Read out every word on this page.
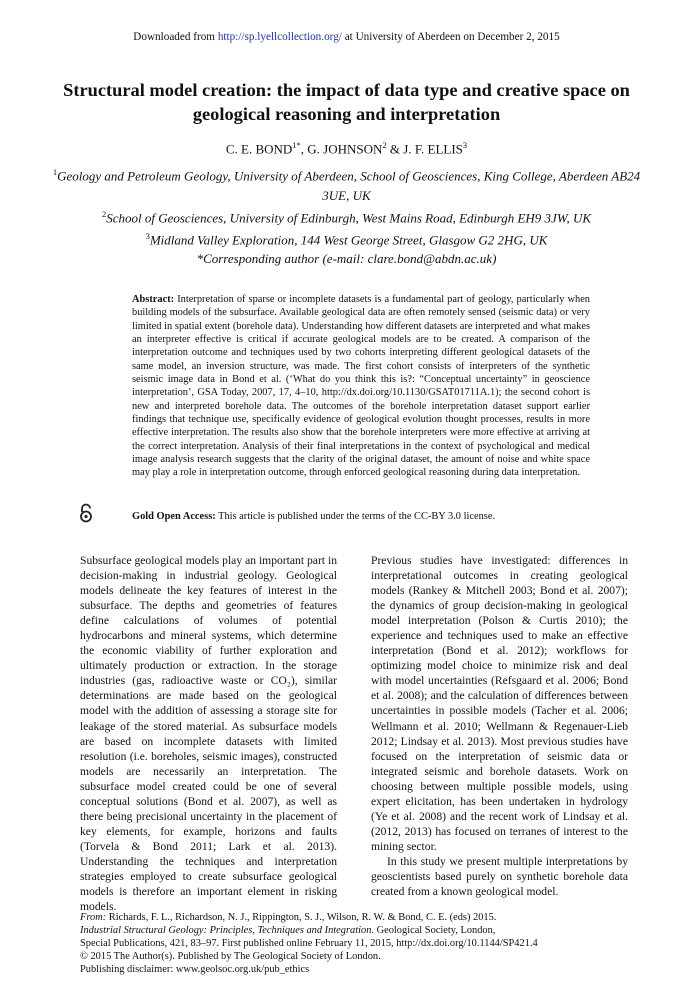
Downloaded from http://sp.lyellcollection.org/ at University of Aberdeen on December 2, 2015
Structural model creation: the impact of data type and creative space on geological reasoning and interpretation
C. E. $BOND^{1*}$, G. JOHNSON$^2$ & J. F. ELLIS$^3$
$^1$Geology and Petroleum Geology, University of Aberdeen, School of Geosciences, King College, Aberdeen AB24 3UE, UK
$^2$School of Geosciences, University of Edinburgh, West Mains Road, Edinburgh EH9 3JW, UK
$^3$Midland Valley Exploration, 144 West George Street, Glasgow G2 2HG, UK
*Corresponding author (e-mail: clare.bond@abdn.ac.uk)
Abstract: Interpretation of sparse or incomplete datasets is a fundamental part of geology, particularly when building models of the subsurface. Available geological data are often remotely sensed (seismic data) or very limited in spatial extent (borehole data). Understanding how different datasets are interpreted and what makes an interpreter effective is critical if accurate geological models are to be created. A comparison of the interpretation outcome and techniques used by two cohorts interpreting different geological datasets of the same model, an inversion structure, was made. The first cohort consists of interpreters of the synthetic seismic image data in Bond et al. (‘What do you think this is?: “Conceptual uncertainty” in geoscience interpretation’, GSA Today, 2007, 17, 4–10, http://dx.doi.org/10.1130/GSAT01711A.1); the second cohort is new and interpreted borehole data. The outcomes of the borehole interpretation dataset support earlier findings that technique use, specifically evidence of geological evolution thought processes, results in more effective interpretation. The results also show that the borehole interpreters were more effective at arriving at the correct interpretation. Analysis of their final interpretations in the context of psychological and medical image analysis research suggests that the clarity of the original dataset, the amount of noise and white space may play a role in interpretation outcome, through enforced geological reasoning during data interpretation.
Gold Open Access: This article is published under the terms of the CC-BY 3.0 license.

Subsurface geological models play an important part in decision-making in industrial geology. Geological models delineate the key features of interest in the subsurface. The depths and geometries of features define calculations of volumes of potential hydrocarbons and mineral systems, which determine the economic viability of further exploration and ultimately production or extraction. In the storage industries (gas, radioactive waste or CO₂), similar determinations are made based on the geological model with the addition of assessing a storage site for leakage of the stored material. As subsurface models are based on incomplete datasets with limited resolution (i.e. boreholes, seismic images), constructed models are necessarily an interpretation. The subsurface model created could be one of several conceptual solutions (Bond et al. 2007), as well as there being precisional uncertainty in the placement of key elements, for example, horizons and faults (Torvela & Bond 2011; Lark et al. 2013). Understanding the techniques and interpretation strategies employed to create subsurface geological models is therefore an important element in risking models.

Previous studies have investigated: differences in interpretational outcomes in creating geological models (Rankey & Mitchell 2003; Bond et al. 2007); the dynamics of group decision-making in geological model interpretation (Polson & Curtis 2010); the experience and techniques used to make an effective interpretation (Bond et al. 2012); workflows for optimizing model choice to minimize risk and deal with model uncertainties (Refsgaard et al. 2006; Bond et al. 2008); and the calculation of differences between uncertainties in possible models (Tacher et al. 2006; Wellmann et al. 2010; Wellmann & Regenauer-Lieb 2012; Lindsay et al. 2013). Most previous studies have focused on the interpretation of seismic data or integrated seismic and borehole datasets. Work on choosing between multiple possible models, using expert elicitation, has been undertaken in hydrology (Ye et al. 2008) and the recent work of Lindsay et al. (2012, 2013) has focused on terranes of interest to the mining sector.

In this study we present multiple interpretations by geoscientists based purely on synthetic borehole data created from a known geological model.

From: Richards, F. L., Richardson, N. J., Rippington, S. J., Wilson, R. W. & Bond, C. E. (eds) 2015.
Industrial Structural Geology: Principles, Techniques and Integration. Geological Society, London,
Special Publications, 421, 83–97. First published online February 11, 2015, http://dx.doi.org/10.1144/SP421.4
© 2015 The Author(s). Published by The Geological Society of London.
Publishing disclaimer: www.geolsoc.org.uk/pub_ethics
